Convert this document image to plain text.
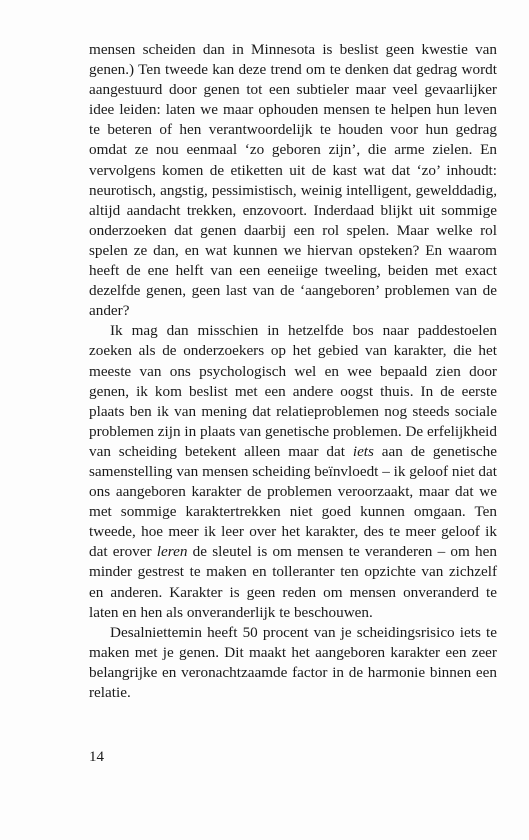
mensen scheiden dan in Minnesota is beslist geen kwestie van genen.) Ten tweede kan deze trend om te denken dat gedrag wordt aangestuurd door genen tot een subtieler maar veel gevaarlijker idee leiden: laten we maar ophouden mensen te helpen hun leven te beteren of hen verantwoordelijk te houden voor hun gedrag omdat ze nou eenmaal ‘zo geboren zijn’, die arme zielen. En vervolgens komen de etiketten uit de kast wat dat ‘zo’ inhoudt: neurotisch, angstig, pessimistisch, weinig intelligent, gewelddadig, altijd aandacht trekken, enzovoort. Inderdaad blijkt uit sommige onderzoeken dat genen daarbij een rol spelen. Maar welke rol spelen ze dan, en wat kunnen we hiervan opsteken? En waarom heeft de ene helft van een eeneiige tweeling, beiden met exact dezelfde genen, geen last van de ‘aangeboren’ problemen van de ander?

Ik mag dan misschien in hetzelfde bos naar paddestoelen zoeken als de onderzoekers op het gebied van karakter, die het meeste van ons psychologisch wel en wee bepaald zien door genen, ik kom beslist met een andere oogst thuis. In de eerste plaats ben ik van mening dat relatieproblemen nog steeds sociale problemen zijn in plaats van genetische problemen. De erfelijkheid van scheiding betekent alleen maar dat iets aan de genetische samenstelling van mensen scheiding beïnvloedt – ik geloof niet dat ons aangeboren karakter de problemen veroorzaakt, maar dat we met sommige karaktertrekken niet goed kunnen omgaan. Ten tweede, hoe meer ik leer over het karakter, des te meer geloof ik dat erover leren de sleutel is om mensen te veranderen – om hen minder gestrest te maken en tolleranter ten opzichte van zichzelf en anderen. Karakter is geen reden om mensen onveranderd te laten en hen als onveranderlijk te beschouwen.

Desalniettemin heeft 50 procent van je scheidingsrisico iets te maken met je genen. Dit maakt het aangeboren karakter een zeer belangrijke en veronachtzaamde factor in de harmonie binnen een relatie.

14
